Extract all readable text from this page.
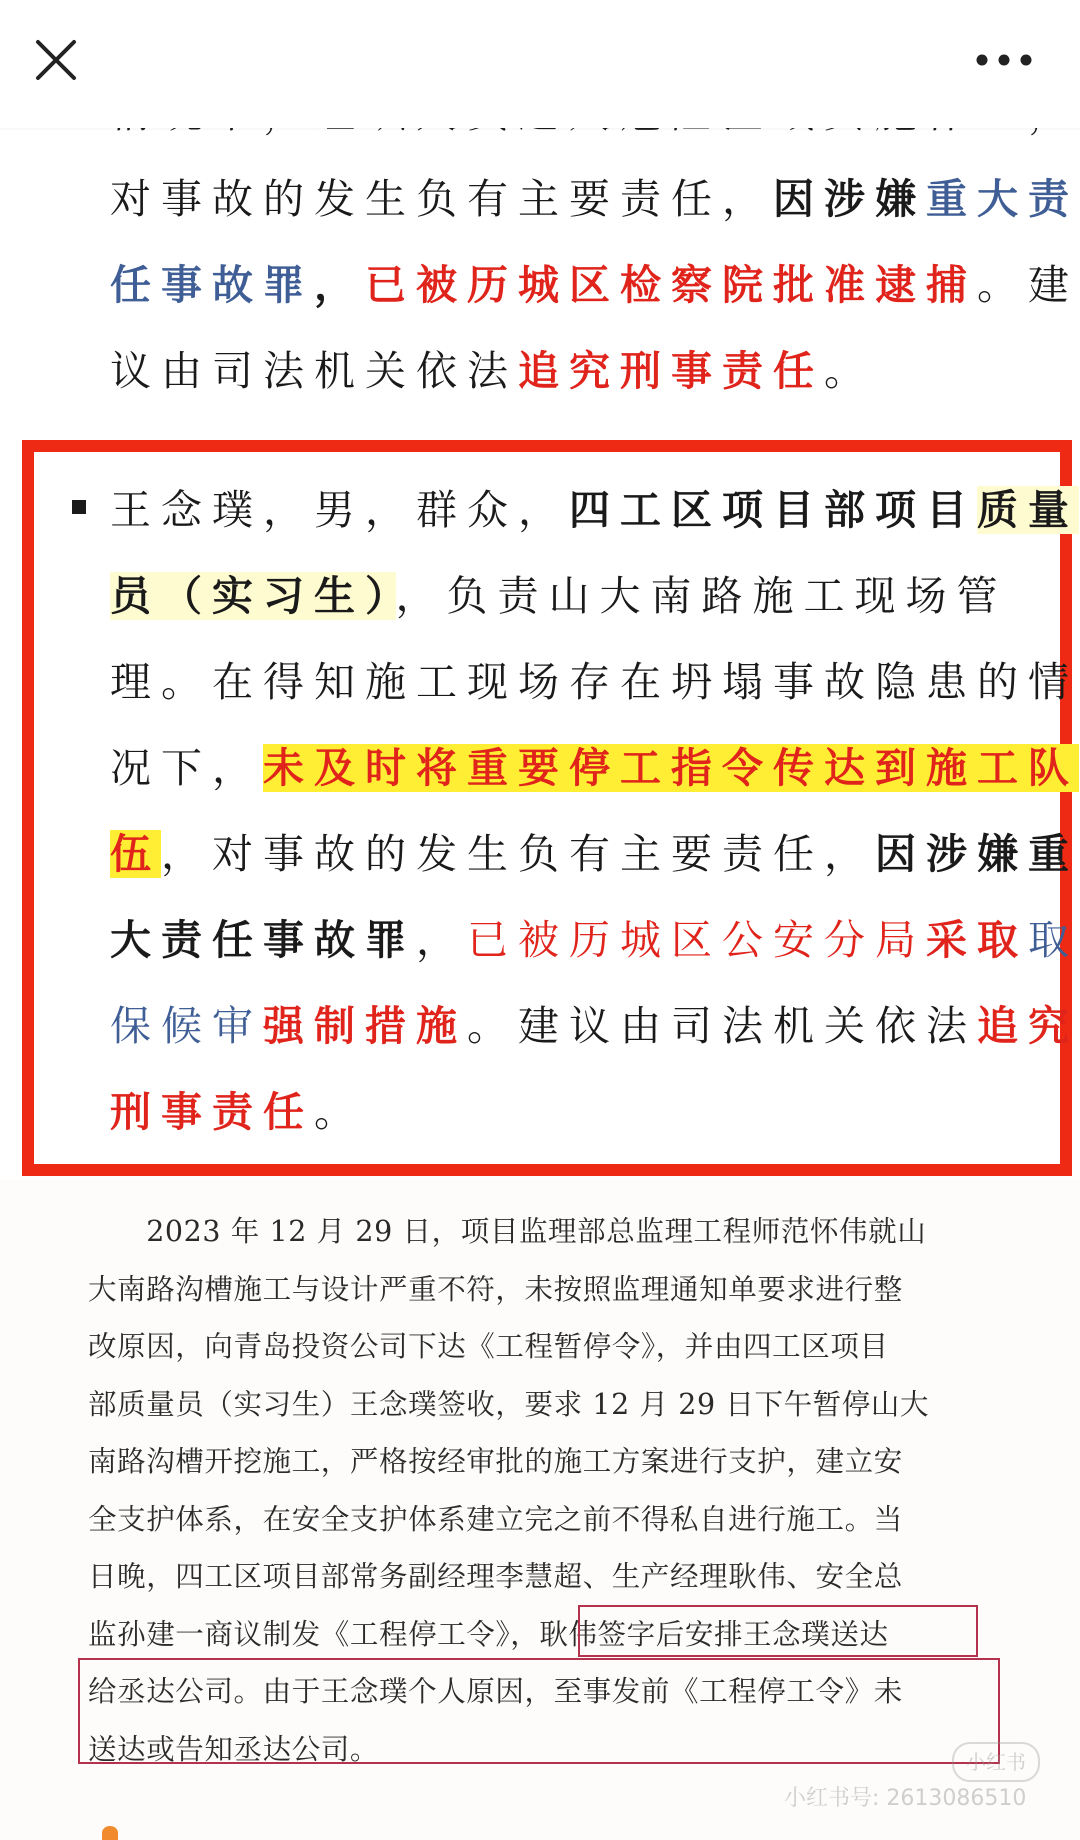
对事故的发生负有主要责任，因涉嫌重大责
任事故罪，已被历城区检察院批准逮捕。建
议由司法机关依法追究刑事责任。
王念璞，男，群众，四工区项目部项目质量
员（实习生），负责山大南路施工现场管
理。在得知施工现场存在坍塌事故隐患的情
况下，未及时将重要停工指令传达到施工队
伍，对事故的发生负有主要责任，因涉嫌重
大责任事故罪，已被历城区公安分局采取取
保候审强制措施。建议由司法机关依法追究
刑事责任。
　　2023 年 12 月 29 日，项目监理部总监理工程师范怀伟就山
大南路沟槽施工与设计严重不符，未按照监理通知单要求进行整
改原因，向青岛投资公司下达《工程暂停令》，并由四工区项目
部质量员（实习生）王念璞签收，要求 12 月 29 日下午暂停山大
南路沟槽开挖施工，严格按经审批的施工方案进行支护，建立安
全支护体系，在安全支护体系建立完之前不得私自进行施工。当
日晚，四工区项目部常务副经理李慧超、生产经理耿伟、安全总
监孙建一商议制发《工程停工令》，耿伟签字后安排王念璞送达
给丞达公司。由于王念璞个人原因，至事发前《工程停工令》未
送达或告知丞达公司。	小红书
小红书号: 2613086510
